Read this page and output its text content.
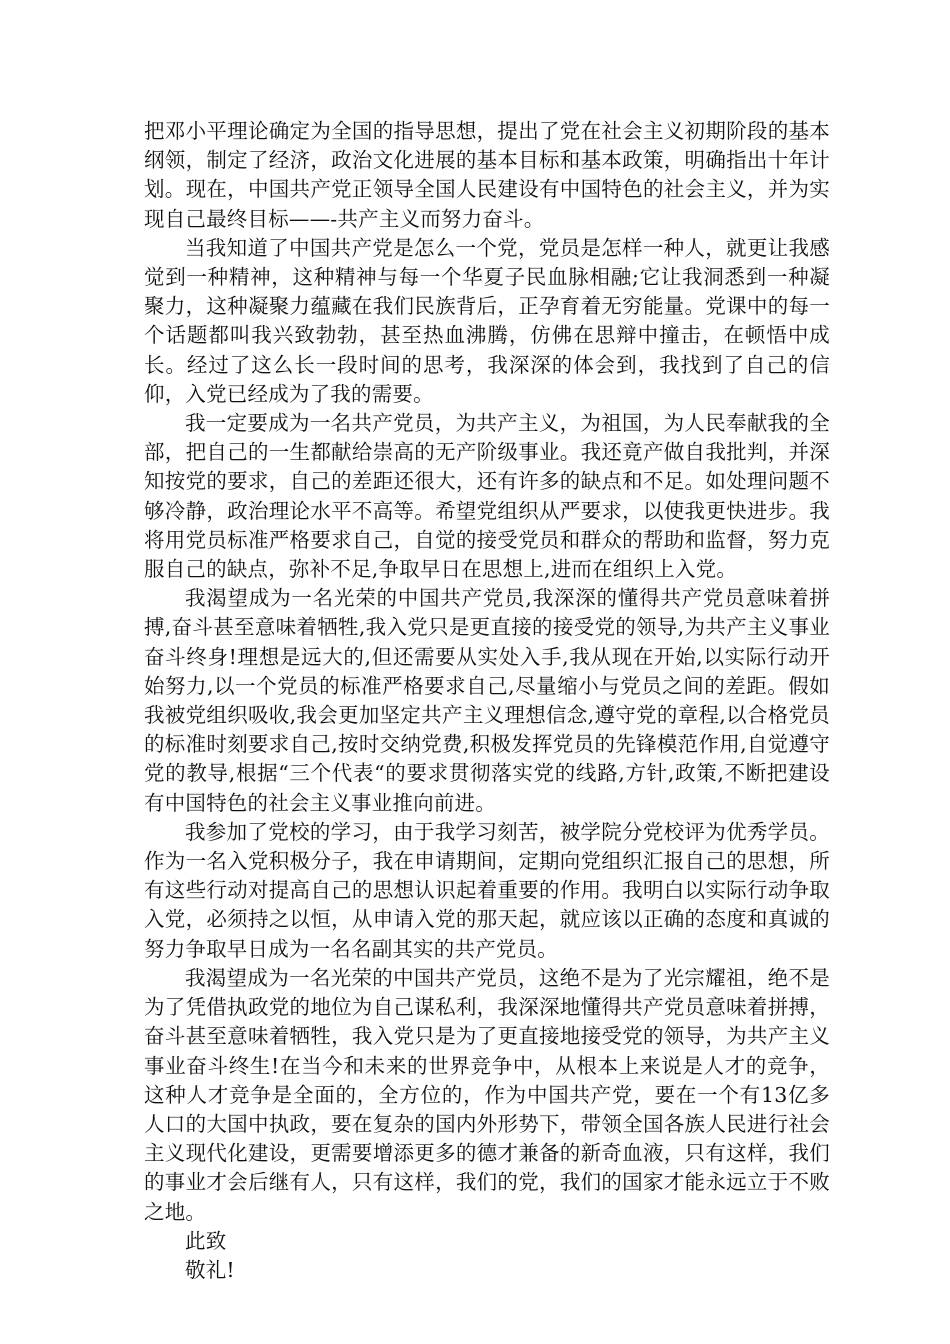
把邓小平理论确定为全国的指导思想，提出了党在社会主义初期阶段的基本纲领，制定了经济，政治文化进展的基本目标和基本政策，明确指出十年计划。现在，中国共产党正领导全国人民建设有中国特色的社会主义，并为实现自己最终目标——-共产主义而努力奋斗。

当我知道了中国共产党是怎么一个党，党员是怎样一种人，就更让我感觉到一种精神，这种精神与每一个华夏子民血脉相融;它让我洞悉到一种凝聚力，这种凝聚力蕴藏在我们民族背后，正孕育着无穷能量。党课中的每一个话题都叫我兴致勃勃，甚至热血沸腾，仿佛在思辩中撞击，在顿悟中成长。经过了这么长一段时间的思考，我深深的体会到，我找到了自己的信仰，入党已经成为了我的需要。

我一定要成为一名共产党员，为共产主义，为祖国，为人民奉献我的全部，把自己的一生都献给崇高的无产阶级事业。我还竟产做自我批判，并深知按党的要求，自己的差距还很大，还有许多的缺点和不足。如处理问题不够冷静，政治理论水平不高等。希望党组织从严要求，以使我更快进步。我将用党员标准严格要求自己，自觉的接受党员和群众的帮助和监督，努力克服自己的缺点，弥补不足,争取早日在思想上,进而在组织上入党。

我渴望成为一名光荣的中国共产党员,我深深的懂得共产党员意味着拼搏,奋斗甚至意味着牺牲,我入党只是更直接的接受党的领导,为共产主义事业奋斗终身!理想是远大的,但还需要从实处入手,我从现在开始,以实际行动开始努力,以一个党员的标准严格要求自己,尽量缩小与党员之间的差距。假如我被党组织吸收,我会更加坚定共产主义理想信念,遵守党的章程,以合格党员的标准时刻要求自己,按时交纳党费,积极发挥党员的先锋模范作用,自觉遵守党的教导,根据“三个代表“的要求贯彻落实党的线路,方针,政策,不断把建设有中国特色的社会主义事业推向前进。

我参加了党校的学习，由于我学习刻苦，被学院分党校评为优秀学员。作为一名入党积极分子，我在申请期间，定期向党组织汇报自己的思想，所有这些行动对提高自己的思想认识起着重要的作用。我明白以实际行动争取入党，必须持之以恒，从申请入党的那天起，就应该以正确的态度和真诚的努力争取早日成为一名名副其实的共产党员。

我渴望成为一名光荣的中国共产党员，这绝不是为了光宗耀祖，绝不是为了凭借执政党的地位为自己谋私利，我深深地懂得共产党员意味着拼搏，奋斗甚至意味着牺牲，我入党只是为了更直接地接受党的领导，为共产主义事业奋斗终生!在当今和未来的世界竞争中，从根本上来说是人才的竞争，这种人才竞争是全面的，全方位的，作为中国共产党，要在一个有13亿多人口的大国中执政，要在复杂的国内外形势下，带领全国各族人民进行社会主义现代化建设，更需要增添更多的德才兼备的新奇血液，只有这样，我们的事业才会后继有人，只有这样，我们的党，我们的国家才能永远立于不败之地。

此致

敬礼!
